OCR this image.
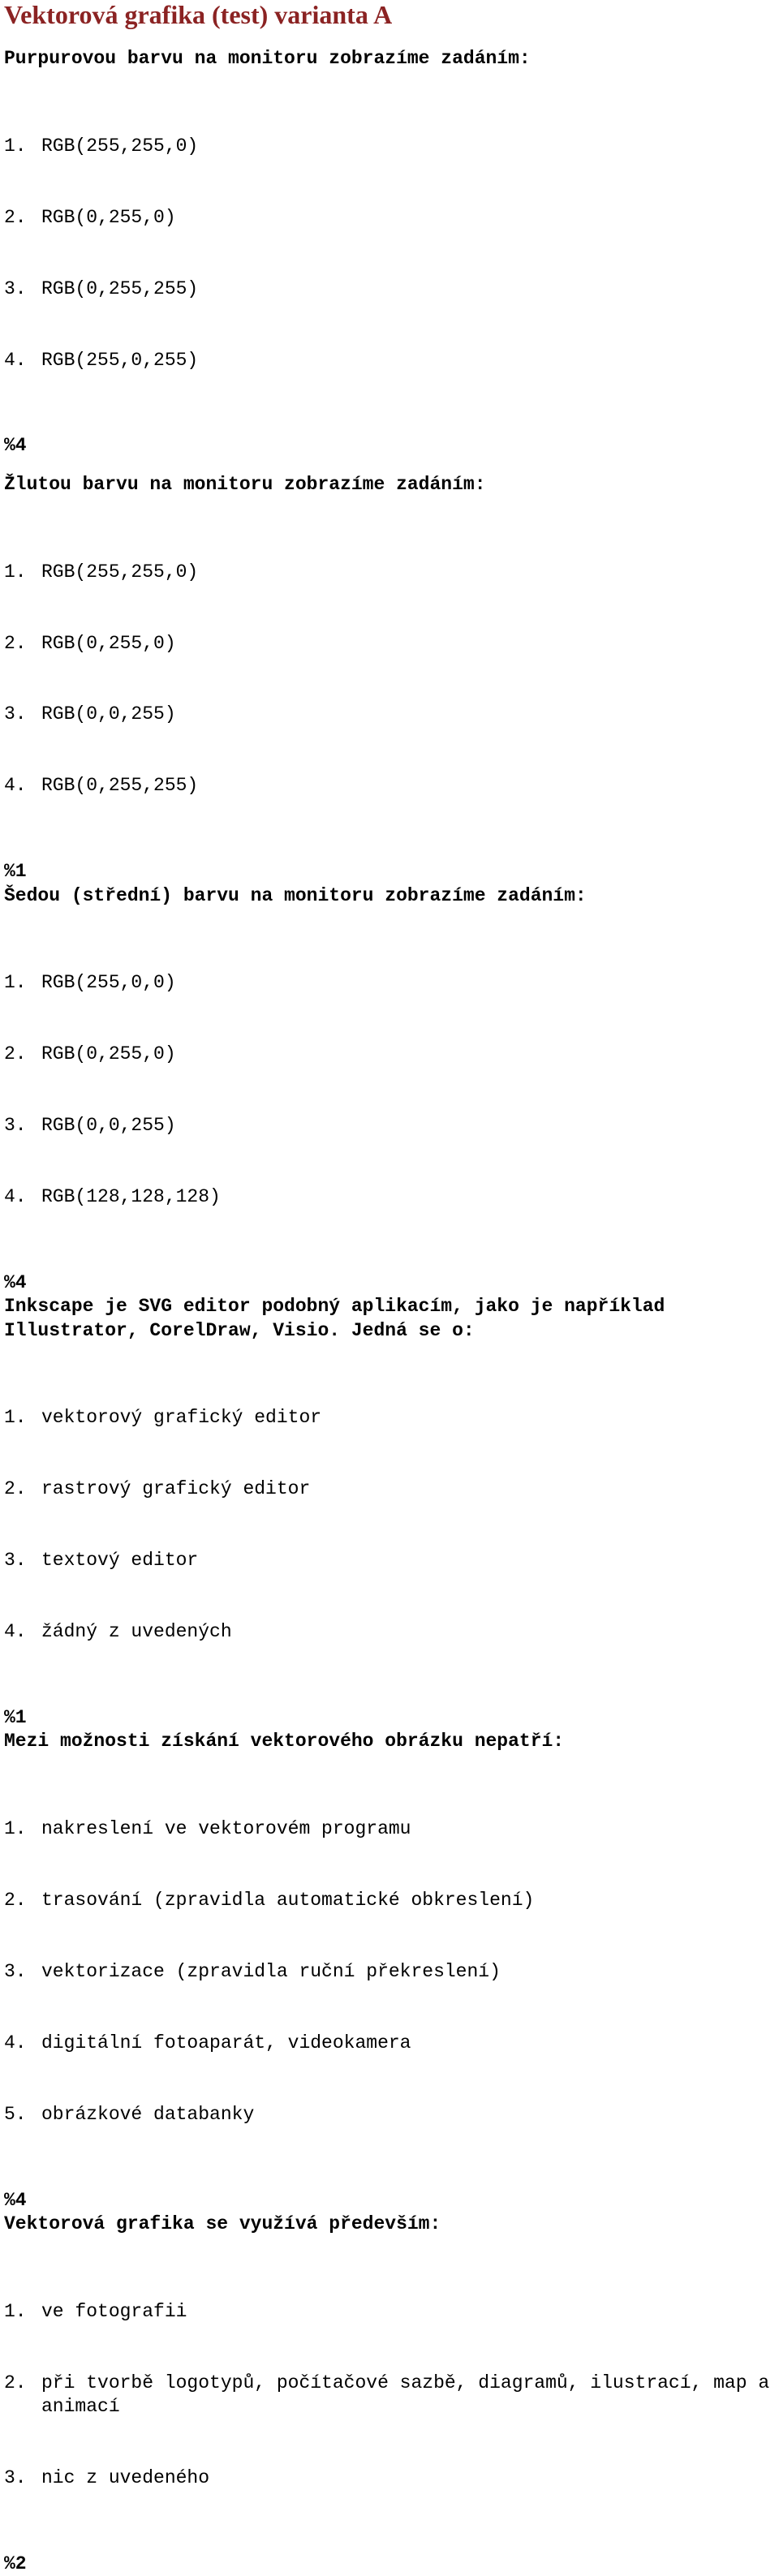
Vektorová grafika (test) varianta A
Purpurovou barvu na monitoru zobrazíme zadáním:

1. RGB(255,255,0)

2. RGB(0,255,0)

3. RGB(0,255,255)

4. RGB(255,0,255)

%4
Žlutou barvu na monitoru zobrazíme zadáním:

1. RGB(255,255,0)

2. RGB(0,255,0)

3. RGB(0,0,255)

4. RGB(0,255,255)

%1
Šedou (střední) barvu na monitoru zobrazíme zadáním:

1. RGB(255,0,0)

2. RGB(0,255,0)

3. RGB(0,0,255)

4. RGB(128,128,128)

%4
Inkscape je SVG editor podobný aplikacím, jako je například
Illustrator, CorelDraw, Visio. Jedná se o:

1. vektorový grafický editor

2. rastrový grafický editor

3. textový editor

4. žádný z uvedených

%1
Mezi možnosti získání vektorového obrázku nepatří:

1. nakreslení ve vektorovém programu

2. trasování (zpravidla automatické obkreslení)

3. vektorizace (zpravidla ruční překreslení)

4. digitální fotoaparát, videokamera

5. obrázkové databanky

%4
Vektorová grafika se využívá především:

1. ve fotografii

2. při tvorbě logotypů, počítačové sazbě, diagramů, ilustrací, map a animací

3. nic z uvedeného

%2
